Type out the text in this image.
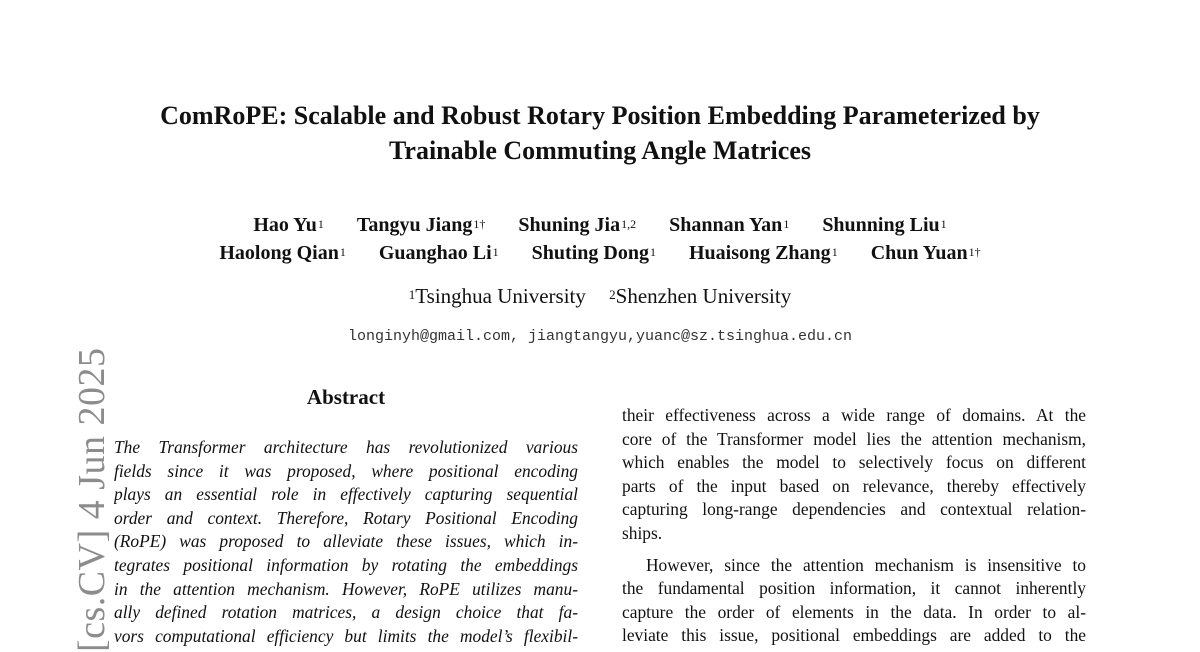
[cs.CV] 4 Jun 2025
ComRoPE: Scalable and Robust Rotary Position Embedding Parameterized by
Trainable Commuting Angle Matrices
Hao Yu$^1$ Tangyu Jiang$^{1\dagger}$ Shuning Jia$^{1,2}$ Shannan Yan$^1$ Shunning Liu$^1$
Haolong Qian$^1$ Guanghao Li$^1$ Shuting Dong$^1$ Huaisong Zhang$^1$ Chun Yuan$^{1\dagger}$
$^1$Tsinghua University $^2$Shenzhen University
longinyh@gmail.com, jiangtangyu,yuanc@sz.tsinghua.edu.cn
Abstract
The Transformer architecture has revolutionized various
fields since it was proposed, where positional encoding
plays an essential role in effectively capturing sequential
order and context. Therefore, Rotary Positional Encoding
(RoPE) was proposed to alleviate these issues, which in-
tegrates positional information by rotating the embeddings
in the attention mechanism. However, RoPE utilizes manu-
ally defined rotation matrices, a design choice that fa-
vors computational efficiency but limits the model’s flexibil-
their effectiveness across a wide range of domains. At the
core of the Transformer model lies the attention mechanism,
which enables the model to selectively focus on different
parts of the input based on relevance, thereby effectively
capturing long-range dependencies and contextual relation-
ships.
However, since the attention mechanism is insensitive to
the fundamental position information, it cannot inherently
capture the order of elements in the data. In order to al-
leviate this issue, positional embeddings are added to the
